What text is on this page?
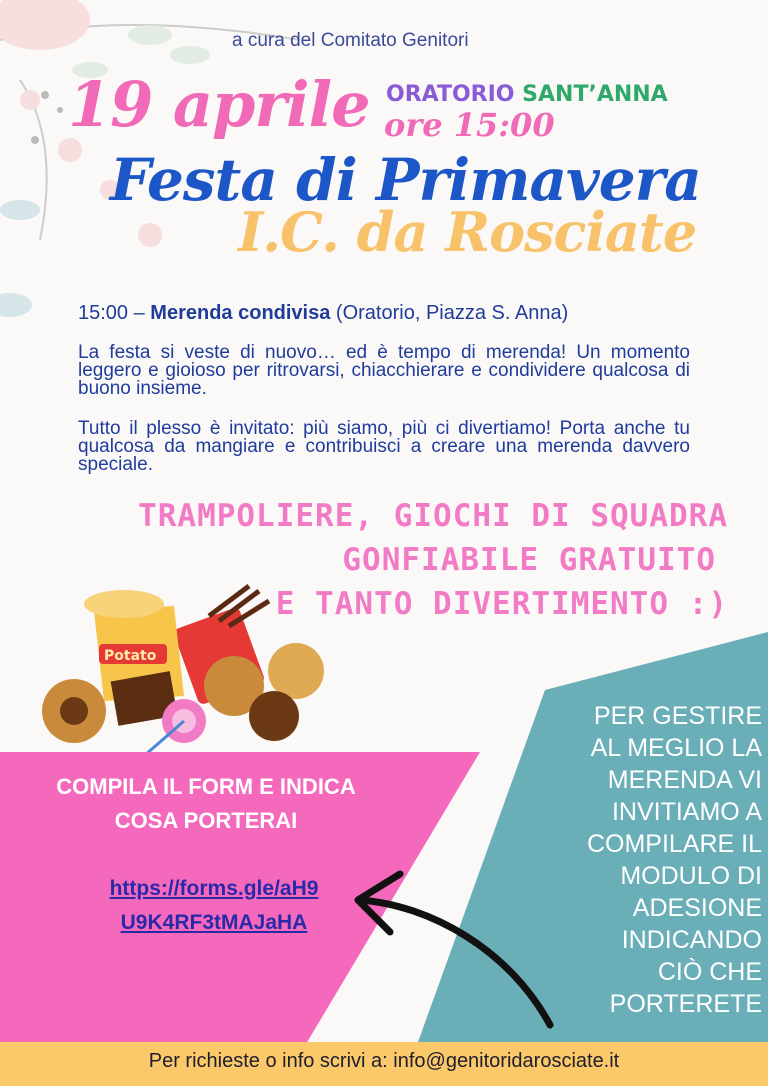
a cura del Comitato Genitori
19 aprile ORATORIO SANT’ANNA
ore 15:00
Festa di Primavera
I.C. da Rosciate
15:00 – Merenda condivisa (Oratorio, Piazza S. Anna)
La festa si veste di nuovo… ed è tempo di merenda! Un momento leggero e gioioso per ritrovarsi, chiacchierare e condividere qualcosa di buono insieme.
Tutto il plesso è invitato: più siamo, più ci divertiamo! Porta anche tu qualcosa da mangiare e contribuisci a creare una merenda davvero speciale.
TRAMPOLIERE, GIOCHI DI SQUADRA
GONFIABILE GRATUITO
E TANTO DIVERTIMENTO :)
Potato
COMPILA IL FORM E INDICA
COSA PORTERAI
https://forms.gle/aH9
U9K4RF3tMAJaHA
PER GESTIRE
AL MEGLIO LA
MERENDA VI
INVITIAMO A
COMPILARE IL
MODULO DI
ADESIONE
INDICANDO
CIÒ CHE
PORTERETE
Per richieste o info scrivi a: info@genitoridarosciate.it
